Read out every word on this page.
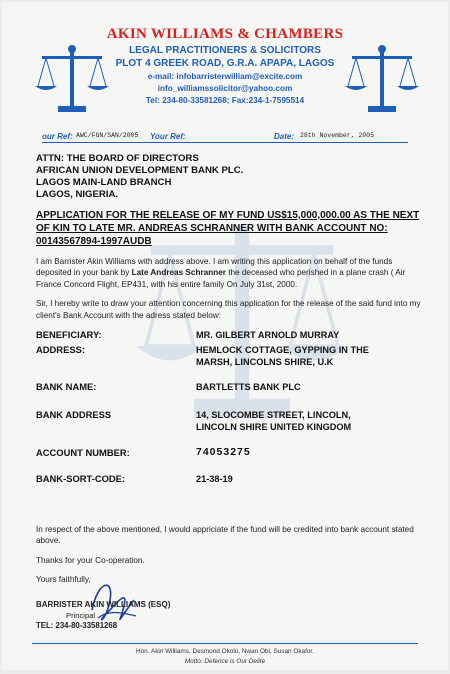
AKIN WILLIAMS & CHAMBERS
LEGAL PRACTITIONERS & SOLICITORS
PLOT 4 GREEK ROAD, G.R.A. APAPA, LAGOS
e-mail: infobarristerwilliam@excite.com
info_williamssolicitor@yahoo.com
Tel: 234-80-33581268; Fax:234-1-7595514
our Ref: AWC/FGN/SAN/2005 Your Ref:	Date: 28th November, 2005
ATTN: THE BOARD OF DIRECTORS
AFRICAN UNION DEVELOPMENT BANK PLC.
LAGOS MAIN-LAND BRANCH
LAGOS, NIGERIA.
APPLICATION FOR THE RELEASE OF MY FUND US$15,000,000.00 AS THE NEXT OF KIN TO LATE MR. ANDREAS SCHRANNER WITH BANK ACCOUNT NO: 00143567894-1997AUDB
I am Barrister Akin Williams with address above. I am writing this application on behalf of the funds deposited in your bank by Late Andreas Schranner the deceased who perished in a plane crash ( Air France Concord Flight, EP431, with his entire family On July 31st, 2000.
Sir, I hereby write to draw your attention concerning this application for the release of the said fund into my client's Bank Account with the adress stated below:
BENEFICIARY:	MR. GILBERT ARNOLD MURRAY
ADDRESS:	HEMLOCK COTTAGE, GYPPING IN THE
MARSH, LINCOLNS SHIRE, U.K
BANK NAME:	BARTLETTS BANK PLC
BANK ADDRESS	14, SLOCOMBE STREET, LINCOLN,
LINCOLN SHIRE UNITED KINGDOM
ACCOUNT NUMBER:	74053275
BANK-SORT-CODE:	21-38-19
In respect of the above mentioned, I would appriciate if the fund will be credited into bank account stated above.
Thanks for your Co-operation.
Yours faithfully,
BARRISTER AKIN WILLIAMS (ESQ)
Principal
TEL: 234-80-33581268
Hon. Akin Williams, Desmond Okolo, Nwan Obi, Susan Okafor.
Motto: Defence is Our Delite
